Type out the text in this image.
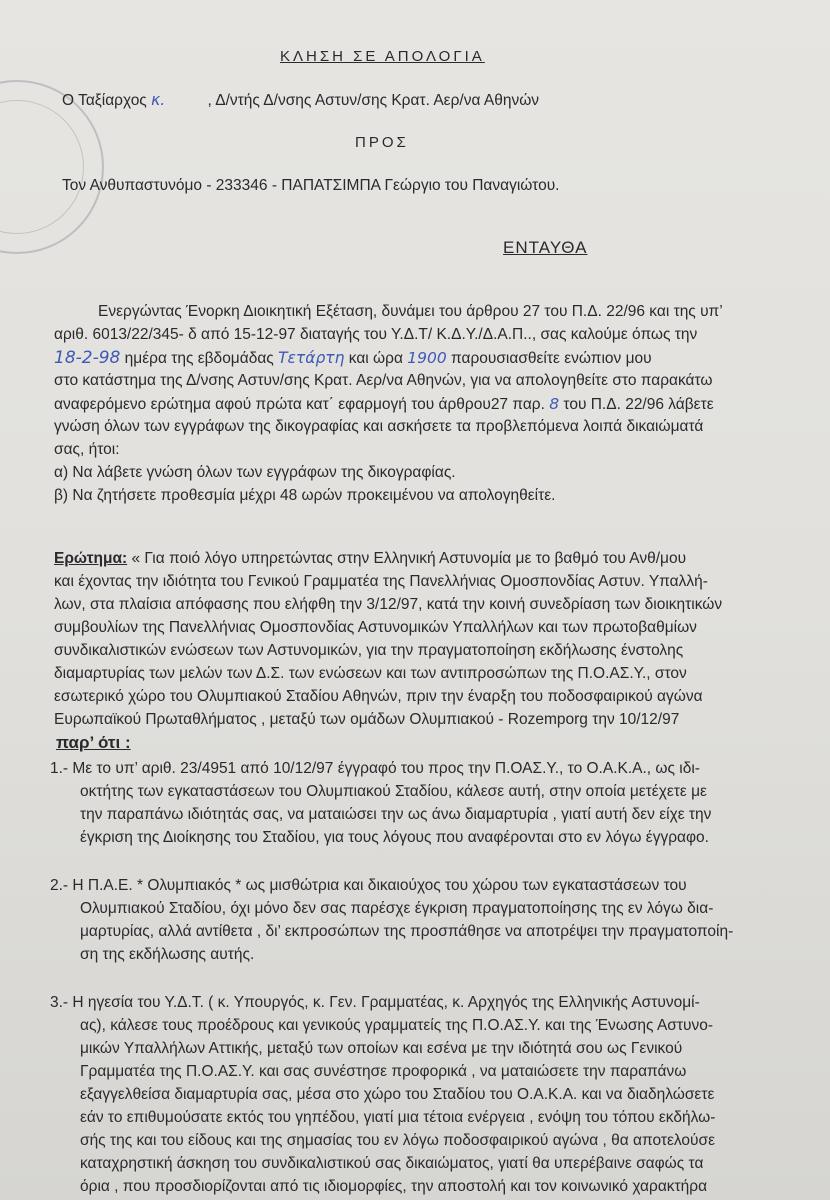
ΚΛΗΣΗ ΣΕ ΑΠΟΛΟΓΙΑ
Ο Ταξίαρχος κ.	, Δ/ντής Δ/νσης Αστυν/σης Κρατ. Αερ/να Αθηνών
ΠΡΟΣ
Τον Ανθυπαστυνόμο - 233346 - ΠΑΠΑΤΣΙΜΠΑ Γεώργιο του Παναγιώτου.
ΕΝΤΑΥΘΑ
Ενεργώντας Ένορκη Διοικητική Εξέταση, δυνάμει του άρθρου 27 του Π.Δ. 22/96 και της υπ’
αριθ. 6013/22/345- δ από 15-12-97 διαταγής του Υ.Δ.Τ/ Κ.Δ.Υ./Δ.Α.Π.., σας καλούμε όπως την
18-2-98 ημέρα της εβδομάδας Τετάρτη και ώρα 1900 παρουσιασθείτε ενώπιον μου
στο κατάστημα της Δ/νσης Αστυν/σης Κρατ. Αερ/να Αθηνών, για να απολογηθείτε στο παρακάτω
αναφερόμενο ερώτημα αφού πρώτα κατ΄ εφαρμογή του άρθρου27 παρ. 8 του Π.Δ. 22/96 λάβετε
γνώση όλων των εγγράφων της δικογραφίας και ασκήσετε τα προβλεπόμενα λοιπά δικαιώματά
σας, ήτοι:
α) Να λάβετε γνώση όλων των εγγράφων της δικογραφίας.
β) Να ζητήσετε προθεσμία μέχρι 48 ωρών προκειμένου να απολογηθείτε.
Ερώτημα: « Για ποιό λόγο υπηρετώντας στην Ελληνική Αστυνομία με το βαθμό του Ανθ/μου
και έχοντας την ιδιότητα του Γενικού Γραμματέα της Πανελλήνιας Ομοσπονδίας Αστυν. Υπαλλή-
λων, στα πλαίσια απόφασης που ελήφθη την 3/12/97, κατά την κοινή συνεδρίαση των διοικητικών
συμβουλίων της Πανελλήνιας Ομοσπονδίας Αστυνομικών Υπαλλήλων και των πρωτοβαθμίων
συνδικαλιστικών ενώσεων των Αστυνομικών, για την πραγματοποίηση εκδήλωσης ένστολης
διαμαρτυρίας των μελών των Δ.Σ. των ενώσεων και των αντιπροσώπων της Π.Ο.ΑΣ.Υ., στον
εσωτερικό χώρο του Ολυμπιακού Σταδίου Αθηνών, πριν την έναρξη του ποδοσφαιρικού αγώνα
Ευρωπαϊκού Πρωταθλήματος , μεταξύ των ομάδων Ολυμπιακού - Rozemporg την 10/12/97
παρ’ ότι :
1.- Με το υπ’ αριθ. 23/4951 από 10/12/97 έγγραφό του προς την Π.ΟΑΣ.Υ., το Ο.Α.Κ.Α., ως ιδι-
οκτήτης των εγκαταστάσεων του Ολυμπιακού Σταδίου, κάλεσε αυτή, στην οποία μετέχετε με
την παραπάνω ιδιότητάς σας, να ματαιώσει την ως άνω διαμαρτυρία , γιατί αυτή δεν είχε την
έγκριση της Διοίκησης του Σταδίου, για τους λόγους που αναφέρονται στο εν λόγω έγγραφο.
2.- Η Π.Α.Ε. * Ολυμπιακός * ως μισθώτρια και δικαιούχος του χώρου των εγκαταστάσεων του
Ολυμπιακού Σταδίου, όχι μόνο δεν σας παρέσχε έγκριση πραγματοποίησης της εν λόγω δια-
μαρτυρίας, αλλά αντίθετα , δι’ εκπροσώπων της προσπάθησε να αποτρέψει την πραγματοποίη-
ση της εκδήλωσης αυτής.
3.- Η ηγεσία του Υ.Δ.Τ. ( κ. Υπουργός, κ. Γεν. Γραμματέας, κ. Αρχηγός της Ελληνικής Αστυνομί-
ας), κάλεσε τους προέδρους και γενικούς γραμματείς της Π.Ο.ΑΣ.Υ. και της Ένωσης Αστυνο-
μικών Υπαλλήλων Αττικής, μεταξύ των οποίων και εσένα με την ιδιότητά σου ως Γενικού
Γραμματέα της Π.Ο.ΑΣ.Υ. και σας συνέστησε προφορικά , να ματαιώσετε την παραπάνω
εξαγγελθείσα διαμαρτυρία σας, μέσα στο χώρο του Σταδίου του Ο.Α.Κ.Α. και να διαδηλώσετε
εάν το επιθυμούσατε εκτός του γηπέδου, γιατί μια τέτοια ενέργεια , ενόψη του τόπου εκδήλω-
σής της και του είδους και της σημασίας του εν λόγω ποδοσφαιρικού αγώνα , θα αποτελούσε
καταχρηστική άσκηση του συνδικαλιστικού σας δικαιώματος, γιατί θα υπερέβαινε σαφώς τα
όρια , που προσδιορίζονται από τις ιδιομορφίες, την αποστολή και τον κοινωνικό χαρακτήρα
